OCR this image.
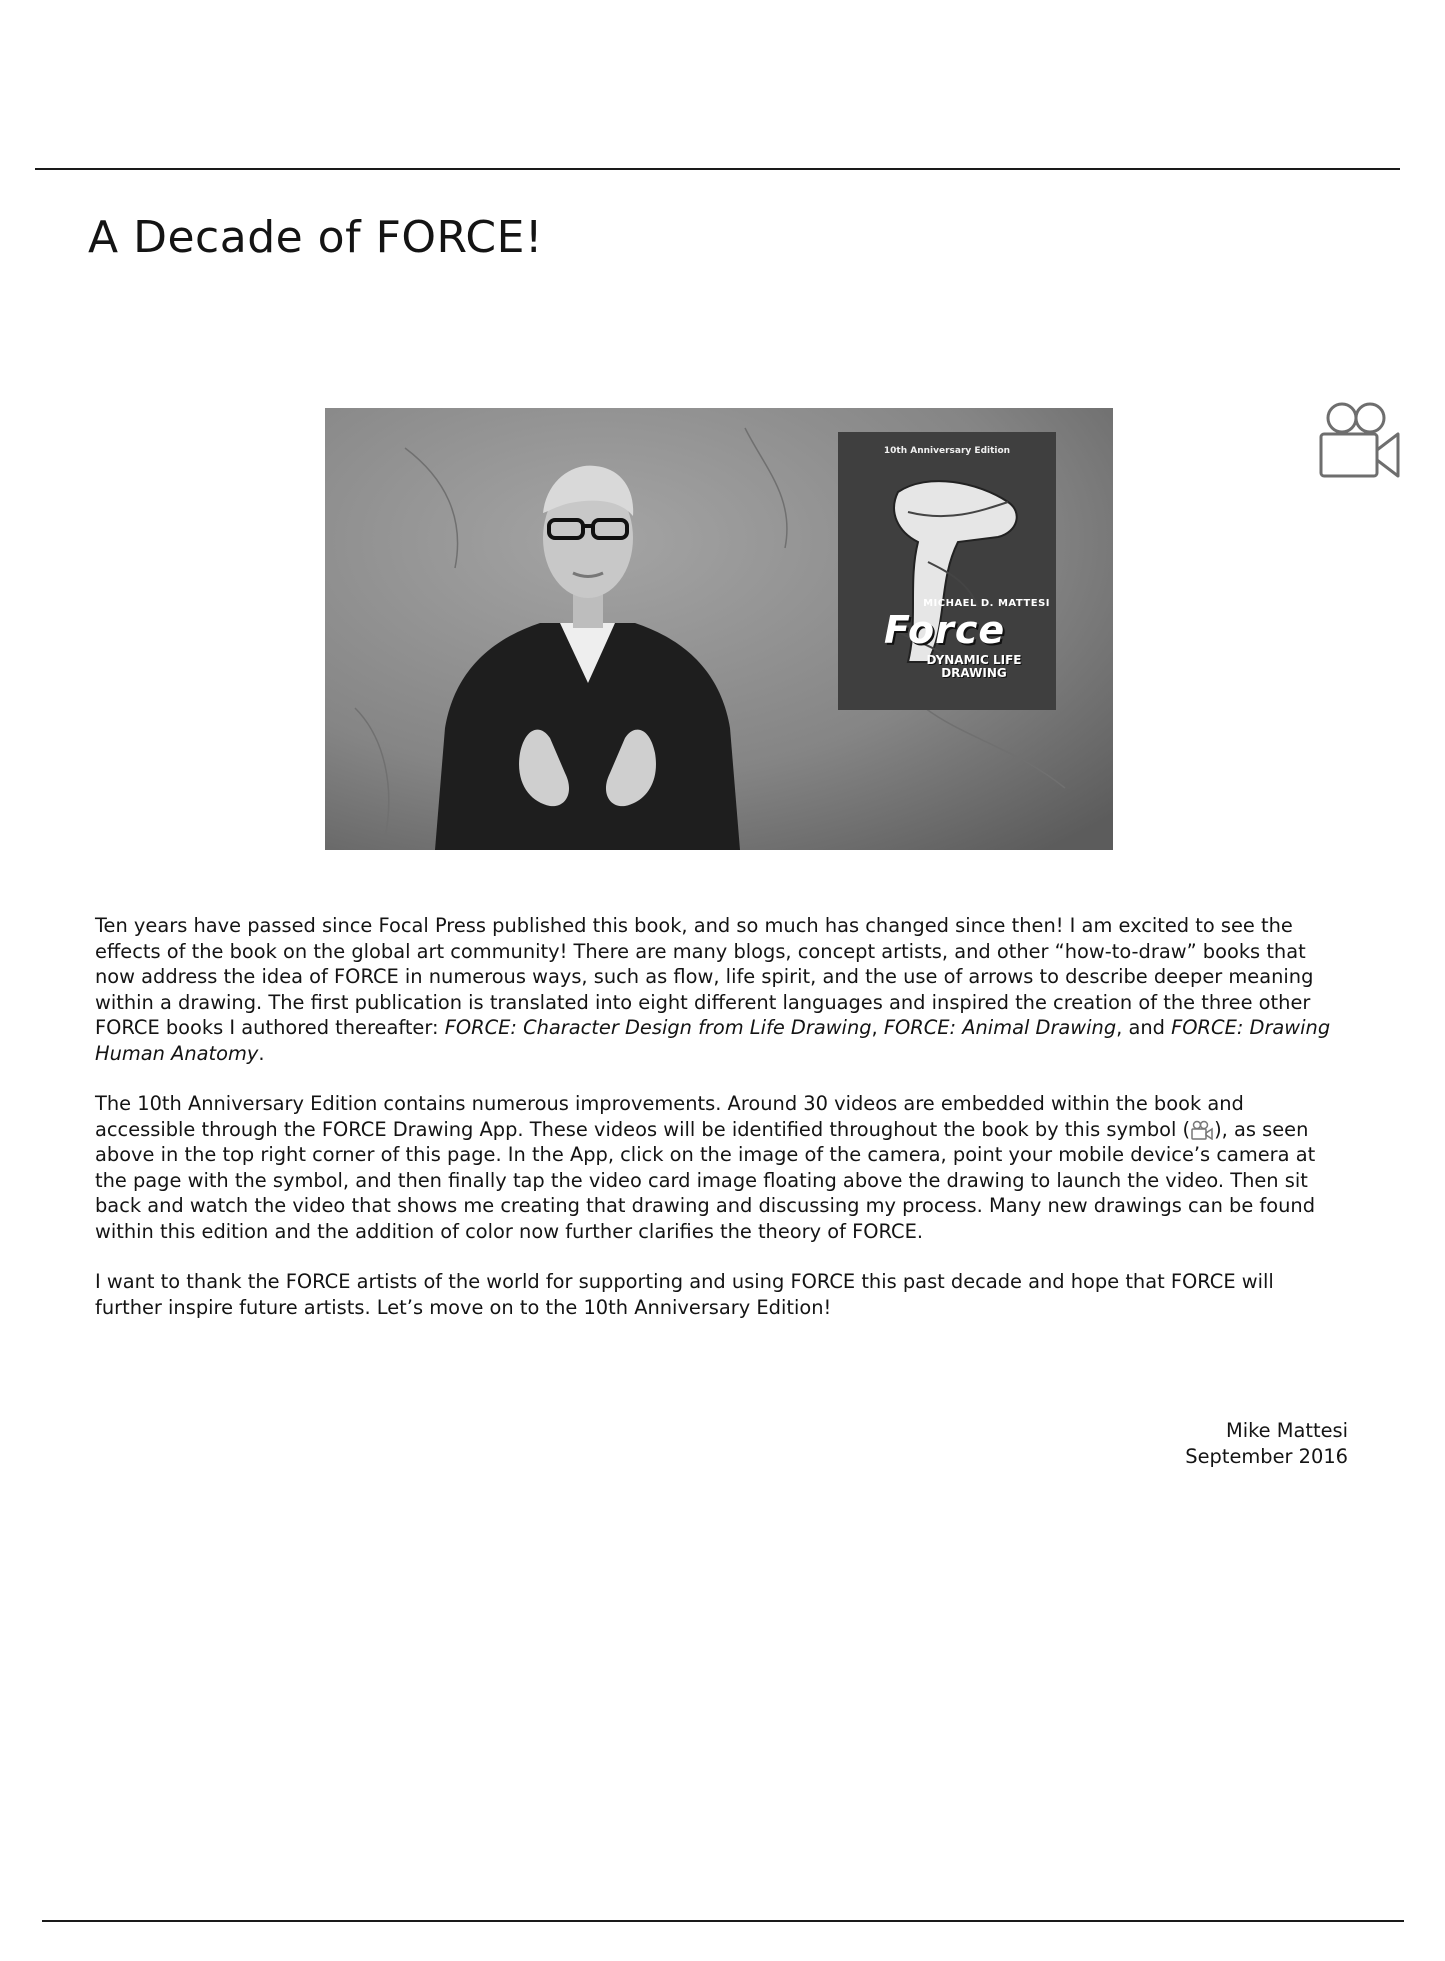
A Decade of FORCE!
10th Anniversary Edition
MICHAEL D. MATTESI
Force
DYNAMIC LIFE
DRAWING

Ten years have passed since Focal Press published this book, and so much has changed since then! I am excited to see the effects of the book on the global art community! There are many blogs, concept artists, and other “how-to-draw” books that now address the idea of FORCE in numerous ways, such as flow, life spirit, and the use of arrows to describe deeper meaning within a drawing. The first publication is translated into eight different languages and inspired the creation of the three other FORCE books I authored thereafter: FORCE: Character Design from Life Drawing, FORCE: Animal Drawing, and FORCE: Drawing Human Anatomy.

The 10th Anniversary Edition contains numerous improvements. Around 30 videos are embedded within the book and accessible through the FORCE Drawing App. These videos will be identified throughout the book by this symbol ( ), as seen above in the top right corner of this page. In the App, click on the image of the camera, point your mobile device’s camera at the page with the symbol, and then finally tap the video card image floating above the drawing to launch the video. Then sit back and watch the video that shows me creating that drawing and discussing my process. Many new drawings can be found within this edition and the addition of color now further clarifies the theory of FORCE.

I want to thank the FORCE artists of the world for supporting and using FORCE this past decade and hope that FORCE will further inspire future artists. Let’s move on to the 10th Anniversary Edition!

Mike Mattesi
September 2016
